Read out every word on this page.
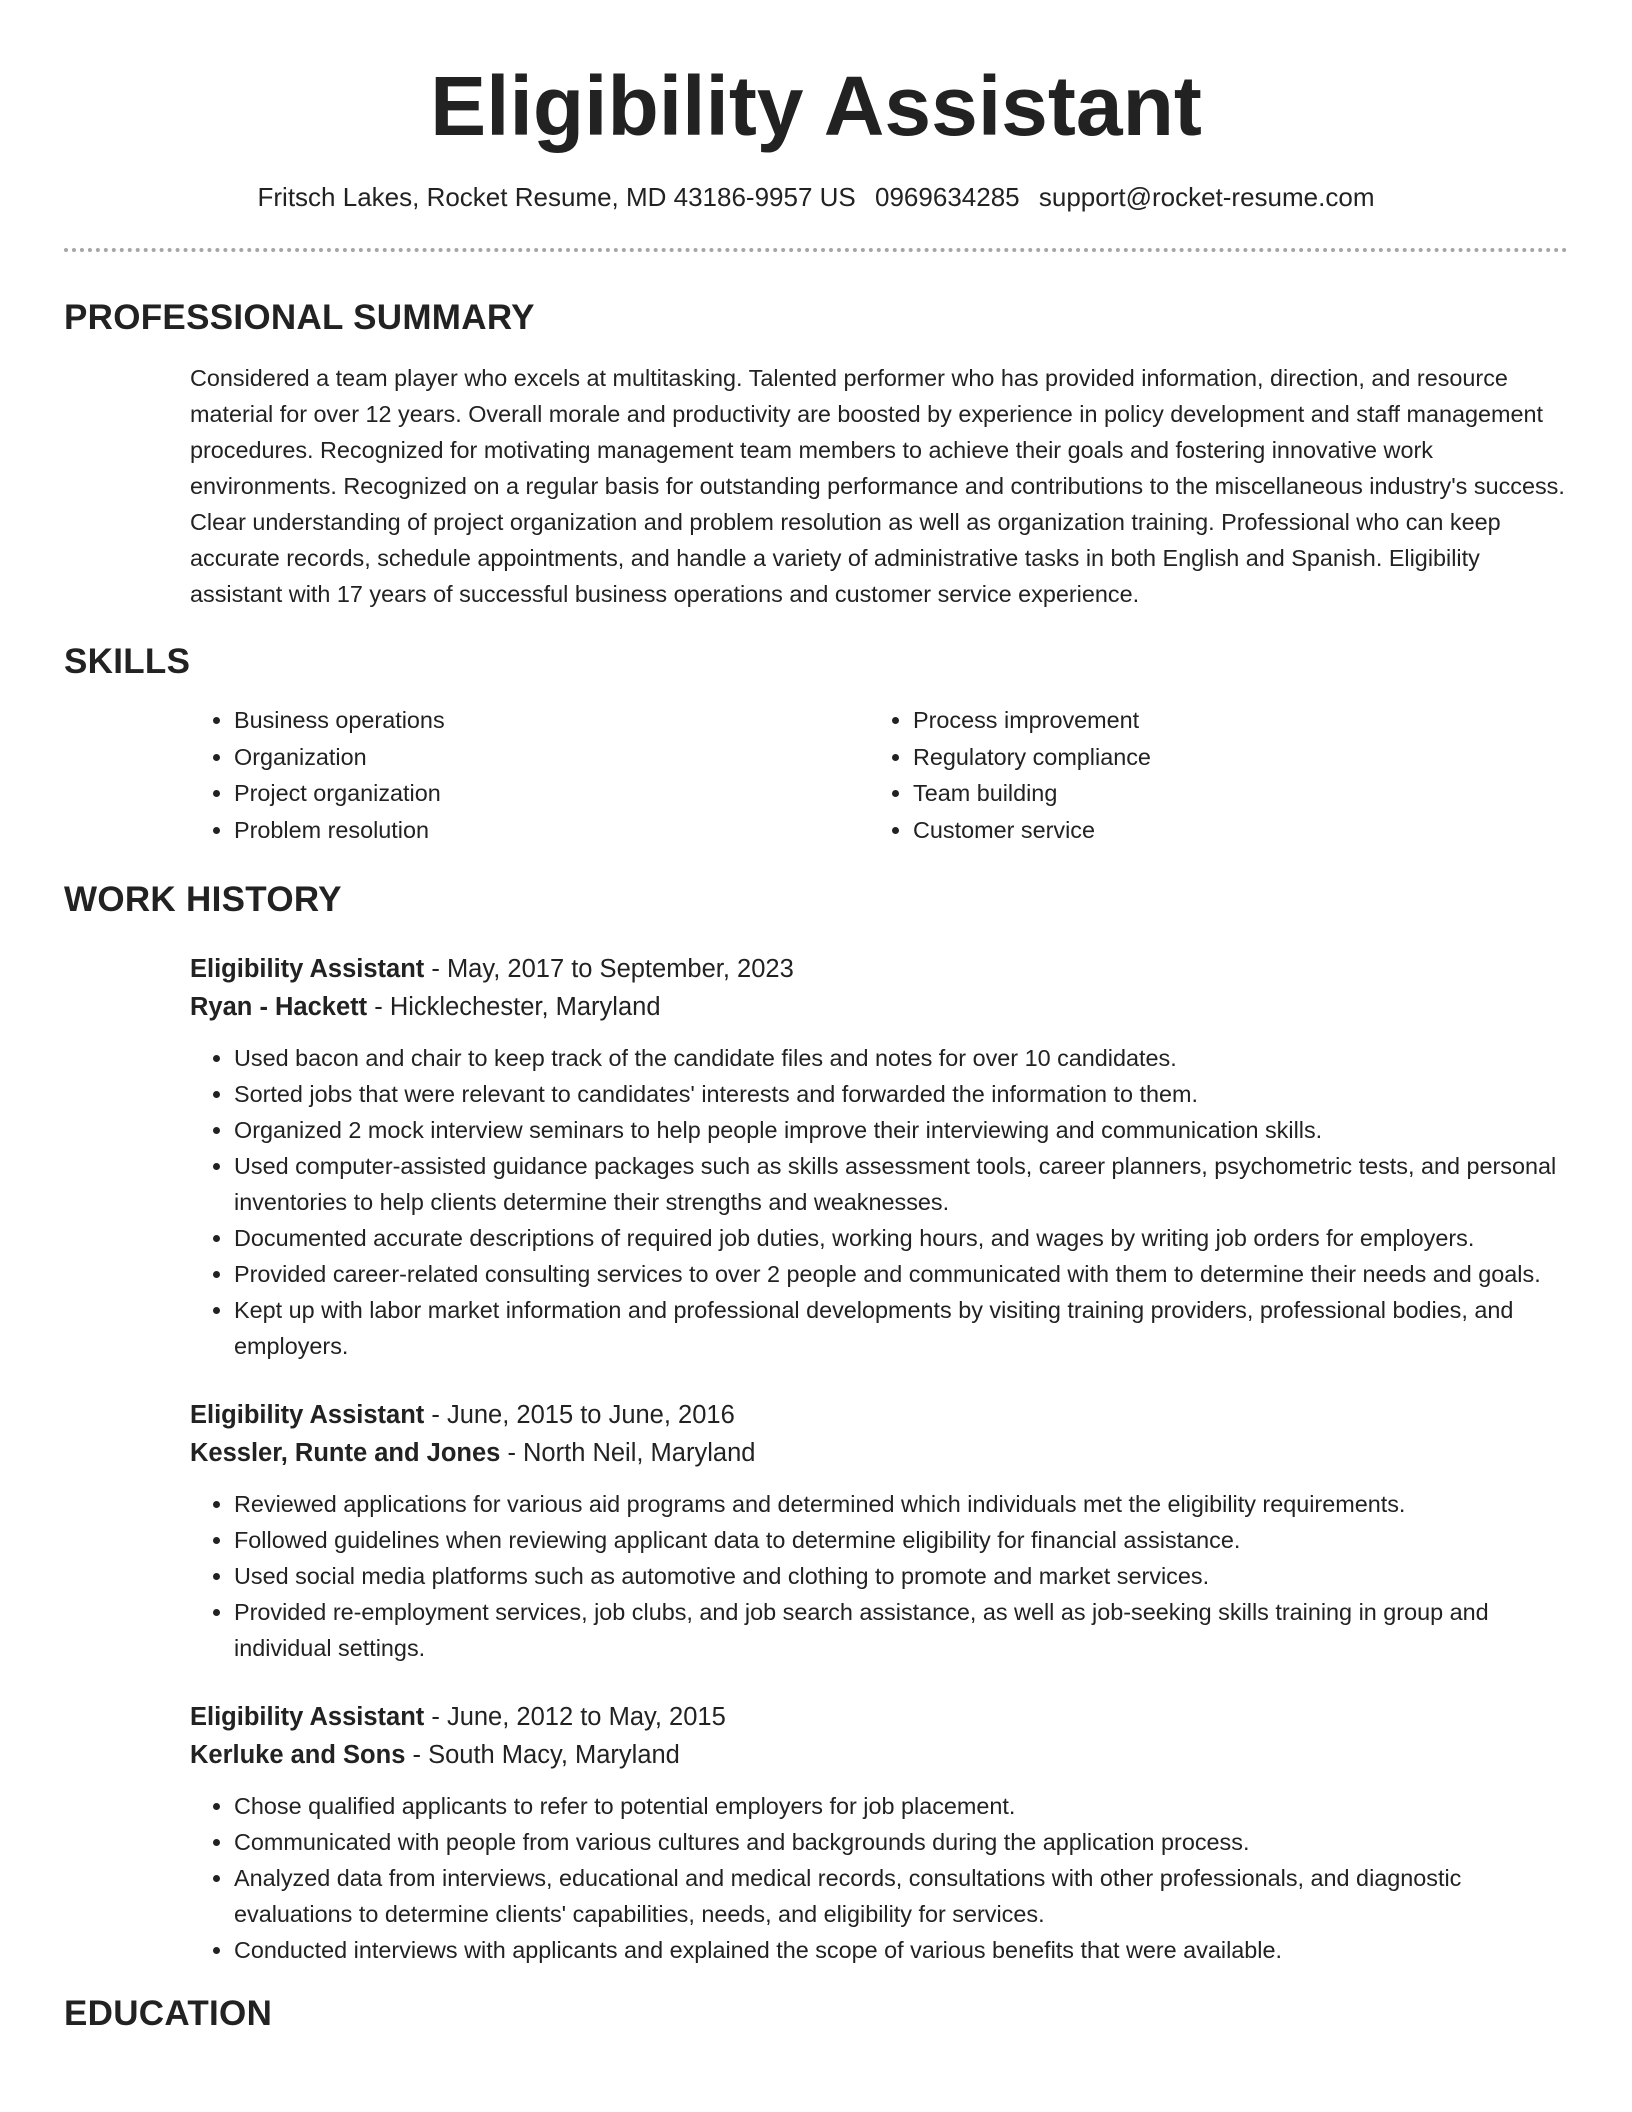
Eligibility Assistant
Fritsch Lakes, Rocket Resume, MD 43186-9957 US 0969634285 support@rocket-resume.com
PROFESSIONAL SUMMARY

Considered a team player who excels at multitasking. Talented performer who has provided information, direction, and resource material for over 12 years. Overall morale and productivity are boosted by experience in policy development and staff management procedures. Recognized for motivating management team members to achieve their goals and fostering innovative work environments. Recognized on a regular basis for outstanding performance and contributions to the miscellaneous industry's success. Clear understanding of project organization and problem resolution as well as organization training. Professional who can keep accurate records, schedule appointments, and handle a variety of administrative tasks in both English and Spanish. Eligibility assistant with 17 years of successful business operations and customer service experience.

SKILLS
• Business operations
• Organization
• Project organization
• Problem resolution
• Process improvement
• Regulatory compliance
• Team building
• Customer service
WORK HISTORY
Eligibility Assistant - May, 2017 to September, 2023
Ryan - Hackett - Hicklechester, Maryland
• Used bacon and chair to keep track of the candidate files and notes for over 10 candidates.
• Sorted jobs that were relevant to candidates' interests and forwarded the information to them.
• Organized 2 mock interview seminars to help people improve their interviewing and communication skills.
• Used computer-assisted guidance packages such as skills assessment tools, career planners, psychometric tests, and personal inventories to help clients determine their strengths and weaknesses.
• Documented accurate descriptions of required job duties, working hours, and wages by writing job orders for employers.
• Provided career-related consulting services to over 2 people and communicated with them to determine their needs and goals.
• Kept up with labor market information and professional developments by visiting training providers, professional bodies, and employers.
Eligibility Assistant - June, 2015 to June, 2016
Kessler, Runte and Jones - North Neil, Maryland
• Reviewed applications for various aid programs and determined which individuals met the eligibility requirements.
• Followed guidelines when reviewing applicant data to determine eligibility for financial assistance.
• Used social media platforms such as automotive and clothing to promote and market services.
• Provided re-employment services, job clubs, and job search assistance, as well as job-seeking skills training in group and individual settings.
Eligibility Assistant - June, 2012 to May, 2015
Kerluke and Sons - South Macy, Maryland
• Chose qualified applicants to refer to potential employers for job placement.
• Communicated with people from various cultures and backgrounds during the application process.
• Analyzed data from interviews, educational and medical records, consultations with other professionals, and diagnostic evaluations to determine clients' capabilities, needs, and eligibility for services.
• Conducted interviews with applicants and explained the scope of various benefits that were available.
EDUCATION
